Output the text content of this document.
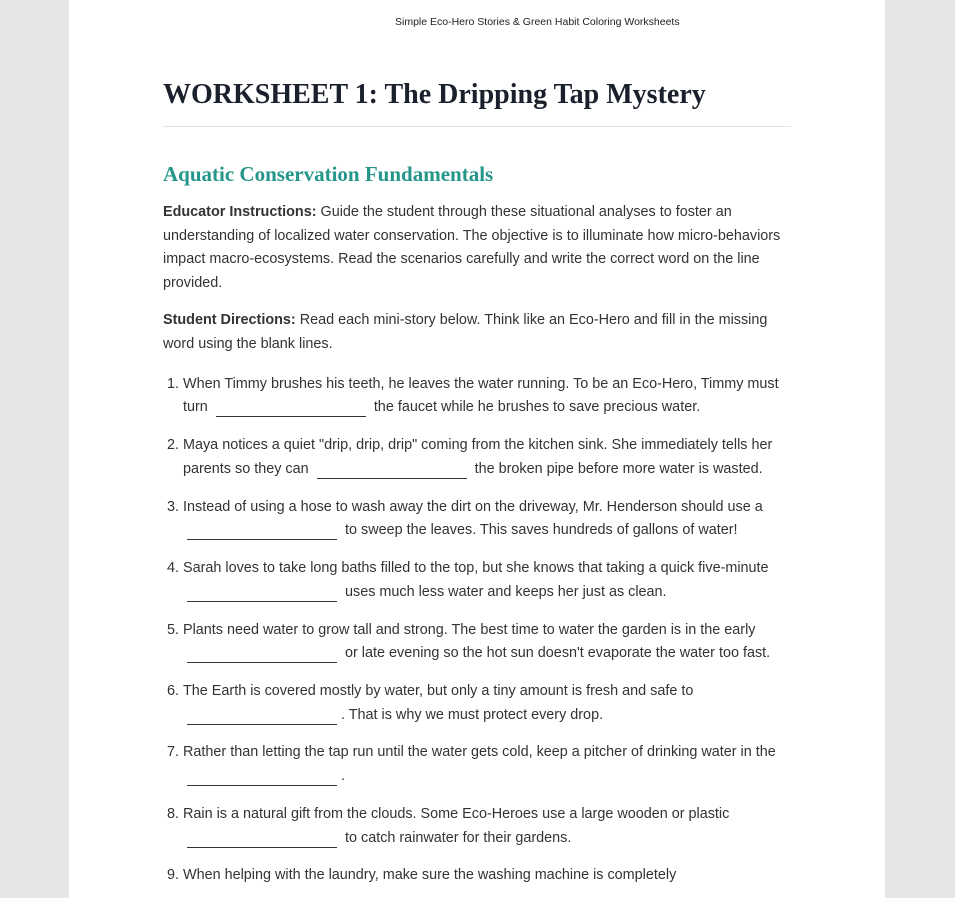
Simple Eco-Hero Stories & Green Habit Coloring Worksheets
WORKSHEET 1: The Dripping Tap Mystery
Aquatic Conservation Fundamentals

Educator Instructions: Guide the student through these situational analyses to foster an understanding of localized water conservation. The objective is to illuminate how micro-behaviors impact macro-ecosystems. Read the scenarios carefully and write the correct word on the line provided.

Student Directions: Read each mini-story below. Think like an Eco-Hero and fill in the missing word using the blank lines.

1. When Timmy brushes his teeth, he leaves the water running. To be an Eco-Hero, Timmy must turn	the faucet while he brushes to save precious water.
2. Maya notices a quiet "drip, drip, drip" coming from the kitchen sink. She immediately tells her parents so they can	the broken pipe before more water is wasted.
3. Instead of using a hose to wash away the dirt on the driveway, Mr. Henderson should use a  to sweep the leaves. This saves hundreds of gallons of water!
4. Sarah loves to take long baths filled to the top, but she knows that taking a quick five-minute  uses much less water and keeps her just as clean.
5. Plants need water to grow tall and strong. The best time to water the garden is in the early  or late evening so the hot sun doesn't evaporate the water too fast.
6. The Earth is covered mostly by water, but only a tiny amount is fresh and safe to . That is why we must protect every drop.
7. Rather than letting the tap run until the water gets cold, keep a pitcher of drinking water in the .
8. Rain is a natural gift from the clouds. Some Eco-Heroes use a large wooden or plastic  to catch rainwater for their gardens.
9. When helping with the laundry, make sure the washing machine is completely
